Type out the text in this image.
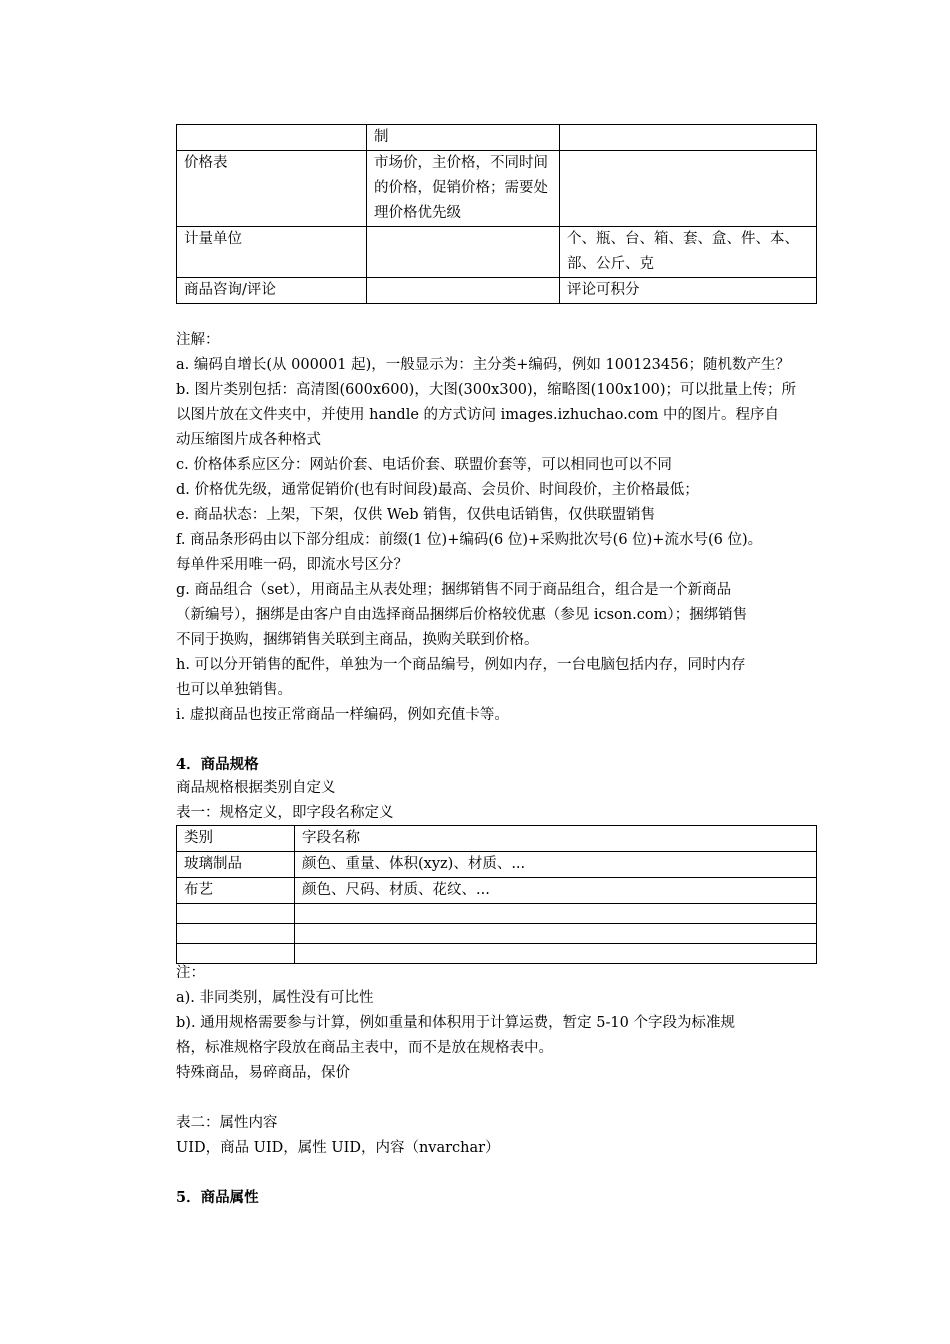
	制	
价格表	市场价，主价格，不同时间的价格，促销价格；需要处理价格优先级	
计量单位		个、瓶、台、箱、套、盒、件、本、部、公斤、克
商品咨询/评论		评论可积分
注解：
a. 编码自增长(从 000001 起)，一般显示为：主分类+编码，例如 100123456；随机数产生？
b. 图片类别包括：高清图(600x600)，大图(300x300)，缩略图(100x100)；可以批量上传；所
以图片放在文件夹中，并使用 handle 的方式访问 images.izhuchao.com 中的图片。程序自
动压缩图片成各种格式
c. 价格体系应区分：网站价套、电话价套、联盟价套等，可以相同也可以不同
d. 价格优先级，通常促销价(也有时间段)最高、会员价、时间段价，主价格最低；
e. 商品状态：上架，下架，仅供 Web 销售，仅供电话销售，仅供联盟销售
f. 商品条形码由以下部分组成：前缀(1 位)+编码(6 位)+采购批次号(6 位)+流水号(6 位)。
每单件采用唯一码，即流水号区分？
g. 商品组合（set），用商品主从表处理；捆绑销售不同于商品组合，组合是一个新商品
（新编号），捆绑是由客户自由选择商品捆绑后价格较优惠（参见 icson.com）；捆绑销售
不同于换购，捆绑销售关联到主商品，换购关联到价格。
h. 可以分开销售的配件，单独为一个商品编号，例如内存，一台电脑包括内存，同时内存
也可以单独销售。
i. 虚拟商品也按正常商品一样编码，例如充值卡等。
4．商品规格
商品规格根据类别自定义
表一：规格定义，即字段名称定义
类别	字段名称
玻璃制品	颜色、重量、体积(xyz)、材质、...
布艺	颜色、尺码、材质、花纹、...

注：
a). 非同类别，属性没有可比性
b). 通用规格需要参与计算，例如重量和体积用于计算运费，暂定 5-10 个字段为标准规
格，标准规格字段放在商品主表中，而不是放在规格表中。
特殊商品，易碎商品，保价
表二：属性内容
UID，商品 UID，属性 UID，内容（nvarchar）
5．商品属性
